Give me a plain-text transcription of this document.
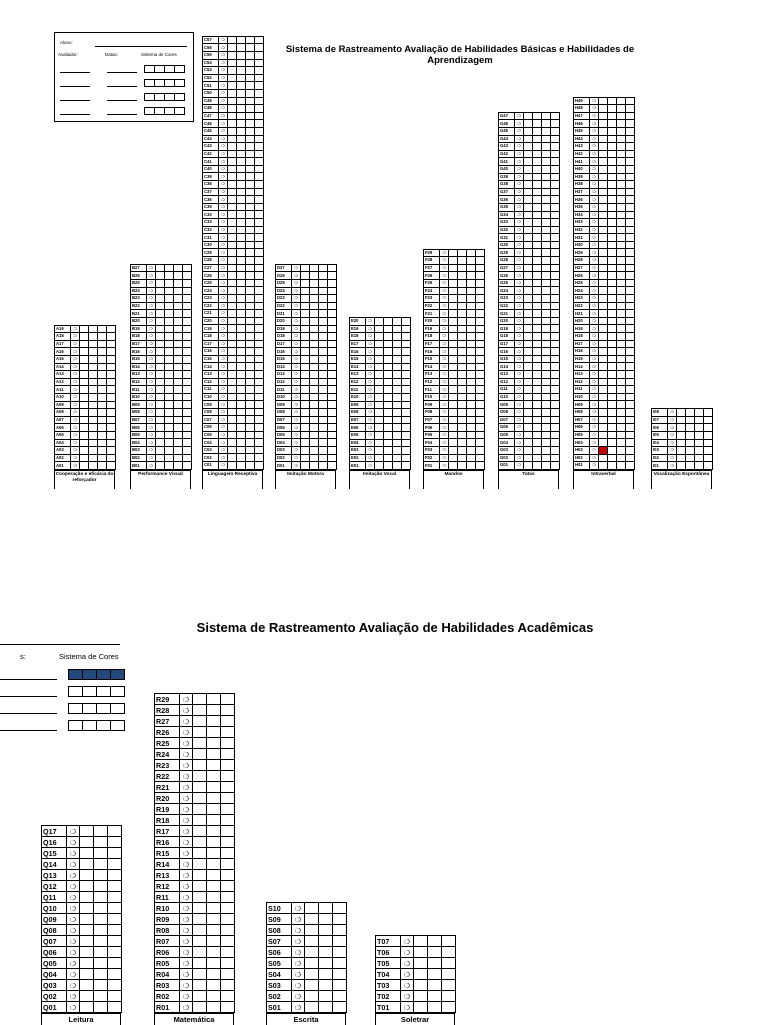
Sistema de Rastreamento Avaliação de Habilidades Básicas e Habilidades de Aprendizagem
Aluno:
Avaliador:	Datas:	Sistema de Cores
A19	❍				
A18	❍				
A17	❍				
A16	❍				
A15	❍				
A14	❍				
A13	❍				
A12	❍				
A11	❍				
A10	❍				
A09	❍				
A08	❍				
A07	❍				
A06	❍				
A05	❍				
A04	❍				
A03	❍				
A02	❍				
A01	❍				
Cooperação e eficácia do reforçador
B27	❍				
B26	❍				
B25	❍				
B24	❍				
B23	❍				
B22	❍				
B21	❍				
B20	❍				
B19	❍				
B18	❍				
B17	❍				
B16	❍				
B15	❍				
B14	❍				
B13	❍				
B12	❍				
B11	❍				
B10	❍				
B09	❍				
B08	❍				
B07	❍				
B06	❍				
B05	❍				
B04	❍				
B03	❍				
B02	❍				
B01	❍				
Performance Visual
C57	❍				
C56	❍				
C55	❍				
C54	❍				
C53	❍				
C52	❍				
C51	❍				
C50	❍				
C49	❍				
C48	❍				
C47	❍				
C46	❍				
C45	❍				
C44	❍				
C43	❍				
C42	❍				
C41	❍				
C40	❍				
C39	❍				
C38	❍				
C37	❍				
C36	❍				
C35	❍				
C34	❍				
C33	❍				
C32	❍				
C31	❍				
C30	❍				
C29	❍				
C28	❍				
C27	❍				
C26	❍				
C25	❍				
C24	❍				
C23	❍				
C22	❍				
C21	❍				
C20	❍				
C19	❍				
C18	❍				
C17	❍				
C16	❍				
C15	❍				
C14	❍				
C13	❍				
C12	❍				
C11	❍				
C10	❍				
C09	❍				
C08	❍				
C07	❍				
C06	❍				
C05	❍				
C04	❍				
C03	❍				
C02	❍				
C01	❍				
Linguagem Receptiva
D27	❍				
D26	❍				
D25	❍				
D24	❍				
D23	❍				
D22	❍				
D21	❍				
D20	❍				
D19	❍				
D18	❍				
D17	❍				
D16	❍				
D15	❍				
D14	❍				
D13	❍				
D12	❍				
D11	❍				
D10	❍				
D09	❍				
D08	❍				
D07	❍				
D06	❍				
D05	❍				
D04	❍				
D03	❍				
D02	❍				
D01	❍				
Imitação Motora
E20	❍				
E19	❍				
E18	❍				
E17	❍				
E16	❍				
E15	❍				
E14	❍				
E13	❍				
E12	❍				
E11	❍				
E10	❍				
E09	❍				
E08	❍				
E07	❍				
E06	❍				
E05	❍				
E04	❍				
E03	❍				
E02	❍				
E01	❍				
Imitação Vocal
F29	❍				
F28	❍				
F27	❍				
F26	❍				
F25	❍				
F24	❍				
F23	❍				
F22	❍				
F21	❍				
F20	❍				
F19	❍				
F18	❍				
F17	❍				
F16	❍				
F15	❍				
F14	❍				
F13	❍				
F12	❍				
F11	❍				
F10	❍				
F09	❍				
F08	❍				
F07	❍				
F06	❍				
F05	❍				
F04	❍				
F03	❍				
F02	❍				
F01	❍				
Mandos
G47	❍				
G46	❍				
G45	❍				
G44	❍				
G43	❍				
G42	❍				
G41	❍				
G40	❍				
G39	❍				
G38	❍				
G37	❍				
G36	❍				
G35	❍				
G34	❍				
G33	❍				
G32	❍				
G31	❍				
G30	❍				
G29	❍				
G28	❍				
G27	❍				
G26	❍				
G25	❍				
G24	❍				
G23	❍				
G22	❍				
G21	❍				
G20	❍				
G19	❍				
G18	❍				
G17	❍				
G16	❍				
G15	❍				
G14	❍				
G13	❍				
G12	❍				
G11	❍				
G10	❍				
G09	❍				
G08	❍				
G07	❍				
G06	❍				
G05	❍				
G04	❍				
G03	❍				
G02	❍				
G01	❍				
Tatos
H49	❍				
H48	❍				
H47	❍				
H46	❍				
H45	❍				
H44	❍				
H43	❍				
H42	❍				
H41	❍				
H40	❍				
H39	❍				
H38	❍				
H37	❍				
H36	❍				
H35	❍				
H34	❍				
H33	❍				
H32	❍				
H31	❍				
H30	❍				
H29	❍				
H28	❍				
H27	❍				
H26	❍				
H25	❍				
H24	❍				
H23	❍				
H22	❍				
H21	❍				
H20	❍				
H19	❍				
H18	❍				
H17	❍				
H16	❍				
H15	❍				
H14	❍				
H13	❍				
H12	❍				
H11	❍				
H10	❍				
H09	❍				
H08	❍				
H07	❍				
H06	❍				
H05	❍				
H04	❍				
H03	❍				
H02	❍				
H01	❍				
Intraverbal
I08	❍				
I07	❍				
I06	❍				
I05	❍				
I04	❍				
I03	❍				
I02	❍				
I01	❍				
Vocalização Espontânea
Sistema de Rastreamento Avaliação de Habilidades Acadêmicas
s:	Sistema de Cores
Q17	❍			
Q16	❍			
Q15	❍			
Q14	❍			
Q13	❍			
Q12	❍			
Q11	❍			
Q10	❍			
Q09	❍			
Q08	❍			
Q07	❍			
Q06	❍			
Q05	❍			
Q04	❍			
Q03	❍			
Q02	❍			
Q01	❍			
Leitura
R29	❍			
R28	❍			
R27	❍			
R26	❍			
R25	❍			
R24	❍			
R23	❍			
R22	❍			
R21	❍			
R20	❍			
R19	❍			
R18	❍			
R17	❍			
R16	❍			
R15	❍			
R14	❍			
R13	❍			
R12	❍			
R11	❍			
R10	❍			
R09	❍			
R08	❍			
R07	❍			
R06	❍			
R05	❍			
R04	❍			
R03	❍			
R02	❍			
R01	❍			
Matemática
S10	❍			
S09	❍			
S08	❍			
S07	❍			
S06	❍			
S05	❍			
S04	❍			
S03	❍			
S02	❍			
S01	❍			
Escrita
T07	❍			
T06	❍			
T05	❍			
T04	❍			
T03	❍			
T02	❍			
T01	❍			
Soletrar
